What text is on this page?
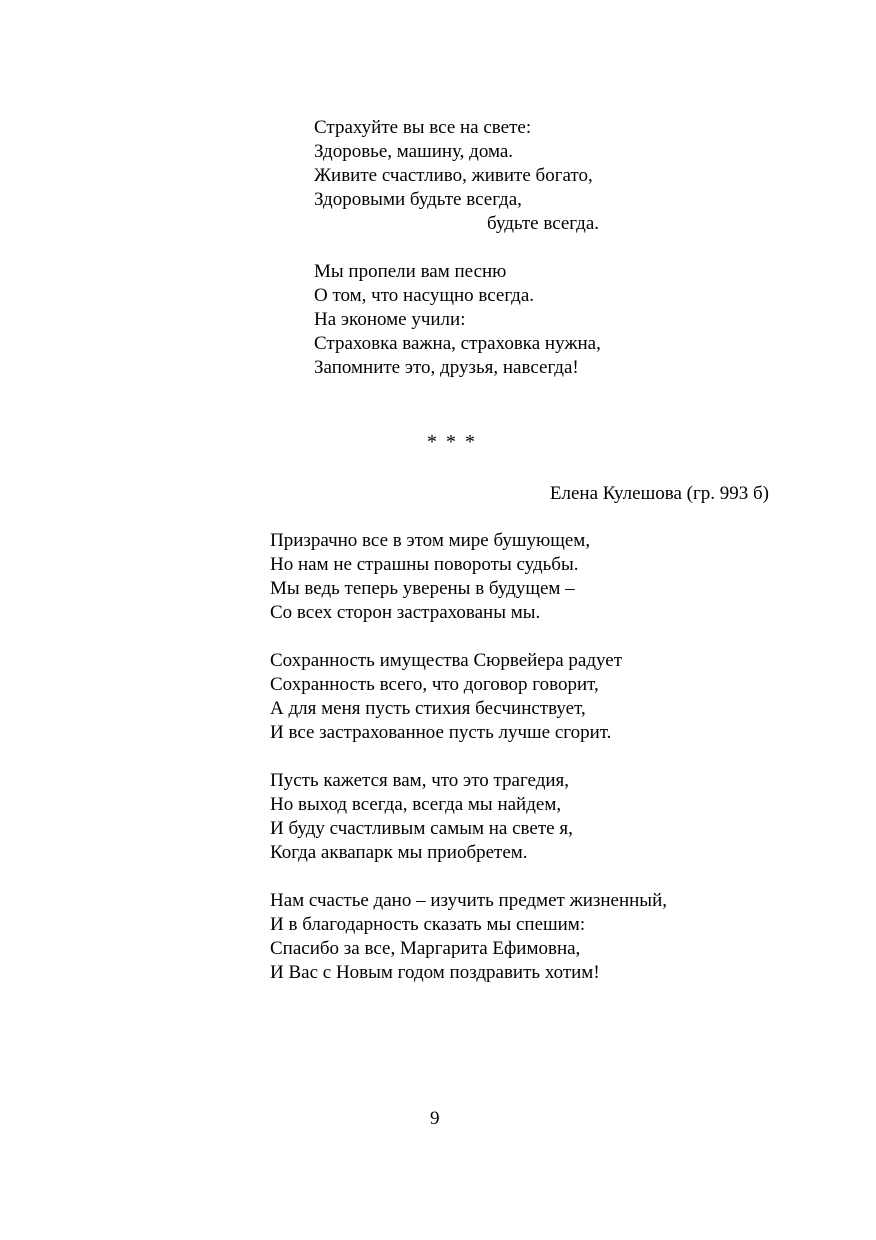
Страхуйте вы все на свете:
Здоровье, машину, дома.
Живите счастливо, живите богато,
Здоровыми будьте всегда,
будьте всегда.
Мы пропели вам песню
О том, что насущно всегда.
На экономе учили:
Страховка важна, страховка нужна,
Запомните это, друзья, навсегда!
* * *
Елена Кулешова (гр. 993 б)
Призрачно все в этом мире бушующем,
Но нам не страшны повороты судьбы.
Мы ведь теперь уверены в будущем –
Со всех сторон застрахованы мы.
Сохранность имущества Сюрвейера радует
Сохранность всего, что договор говорит,
А для меня пусть стихия бесчинствует,
И все застрахованное пусть лучше сгорит.
Пусть кажется вам, что это трагедия,
Но выход всегда, всегда мы найдем,
И буду счастливым самым на свете я,
Когда аквапарк мы приобретем.
Нам счастье дано – изучить предмет жизненный,
И в благодарность сказать мы спешим:
Спасибо за все, Маргарита Ефимовна,
И Вас с Новым годом поздравить хотим!
9
